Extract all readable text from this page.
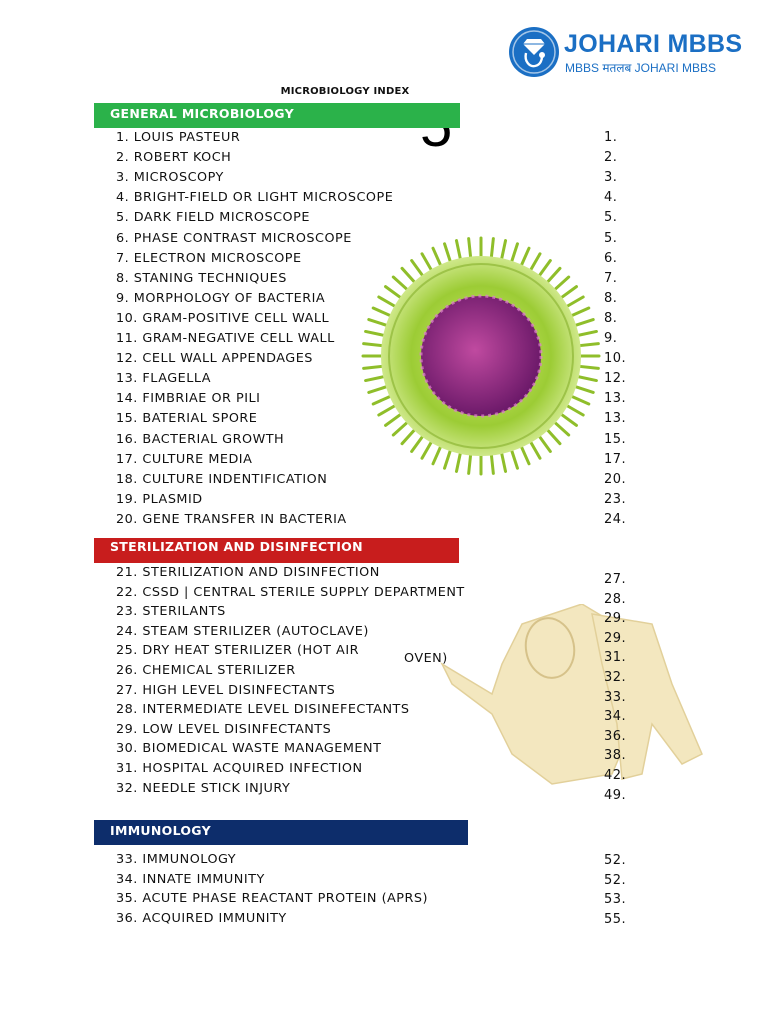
JOHARI MBBS
MBBS मतलब JOHARI MBBS
MICROBIOLOGY INDEX
GENERAL MICROBIOLOGY
STERILIZATION AND DISINFECTION
IMMUNOLOGY
OVEN)
1. LOUIS PASTEUR	1.
2. ROBERT KOCH	2.
3. MICROSCOPY	3.
4. BRIGHT-FIELD OR LIGHT MICROSCOPE	4.
5. DARK FIELD MICROSCOPE	5.
6. PHASE CONTRAST MICROSCOPE	5.
7. ELECTRON MICROSCOPE	6.
8. STANING TECHNIQUES	7.
9. MORPHOLOGY OF BACTERIA	8.
10. GRAM-POSITIVE CELL WALL	8.
11. GRAM-NEGATIVE CELL WALL	9.
12. CELL WALL APPENDAGES	10.
13. FLAGELLA	12.
14. FIMBRIAE OR PILI	13.
15. BATERIAL SPORE	13.
16. BACTERIAL GROWTH	15.
17. CULTURE MEDIA	17.
18. CULTURE INDENTIFICATION	20.
19. PLASMID	23.
20. GENE TRANSFER IN BACTERIA	24.
21. STERILIZATION AND DISINFECTION	27.
22. CSSD | CENTRAL STERILE SUPPLY DEPARTMENT	28.
23. STERILANTS	29.
24. STEAM STERILIZER (AUTOCLAVE)	29.
25. DRY HEAT STERILIZER (HOT AIR	31.
26. CHEMICAL STERILIZER	32.
27. HIGH LEVEL DISINFECTANTS	33.
28. INTERMEDIATE LEVEL DISINEFECTANTS	34.
29. LOW LEVEL DISINFECTANTS	36.
30. BIOMEDICAL WASTE MANAGEMENT	38.
31. HOSPITAL ACQUIRED INFECTION	42.
32. NEEDLE STICK INJURY	49.
33. IMMUNOLOGY	52.
34. INNATE IMMUNITY	52.
35. ACUTE PHASE REACTANT PROTEIN (APRS)	53.
36. ACQUIRED IMMUNITY	55.
